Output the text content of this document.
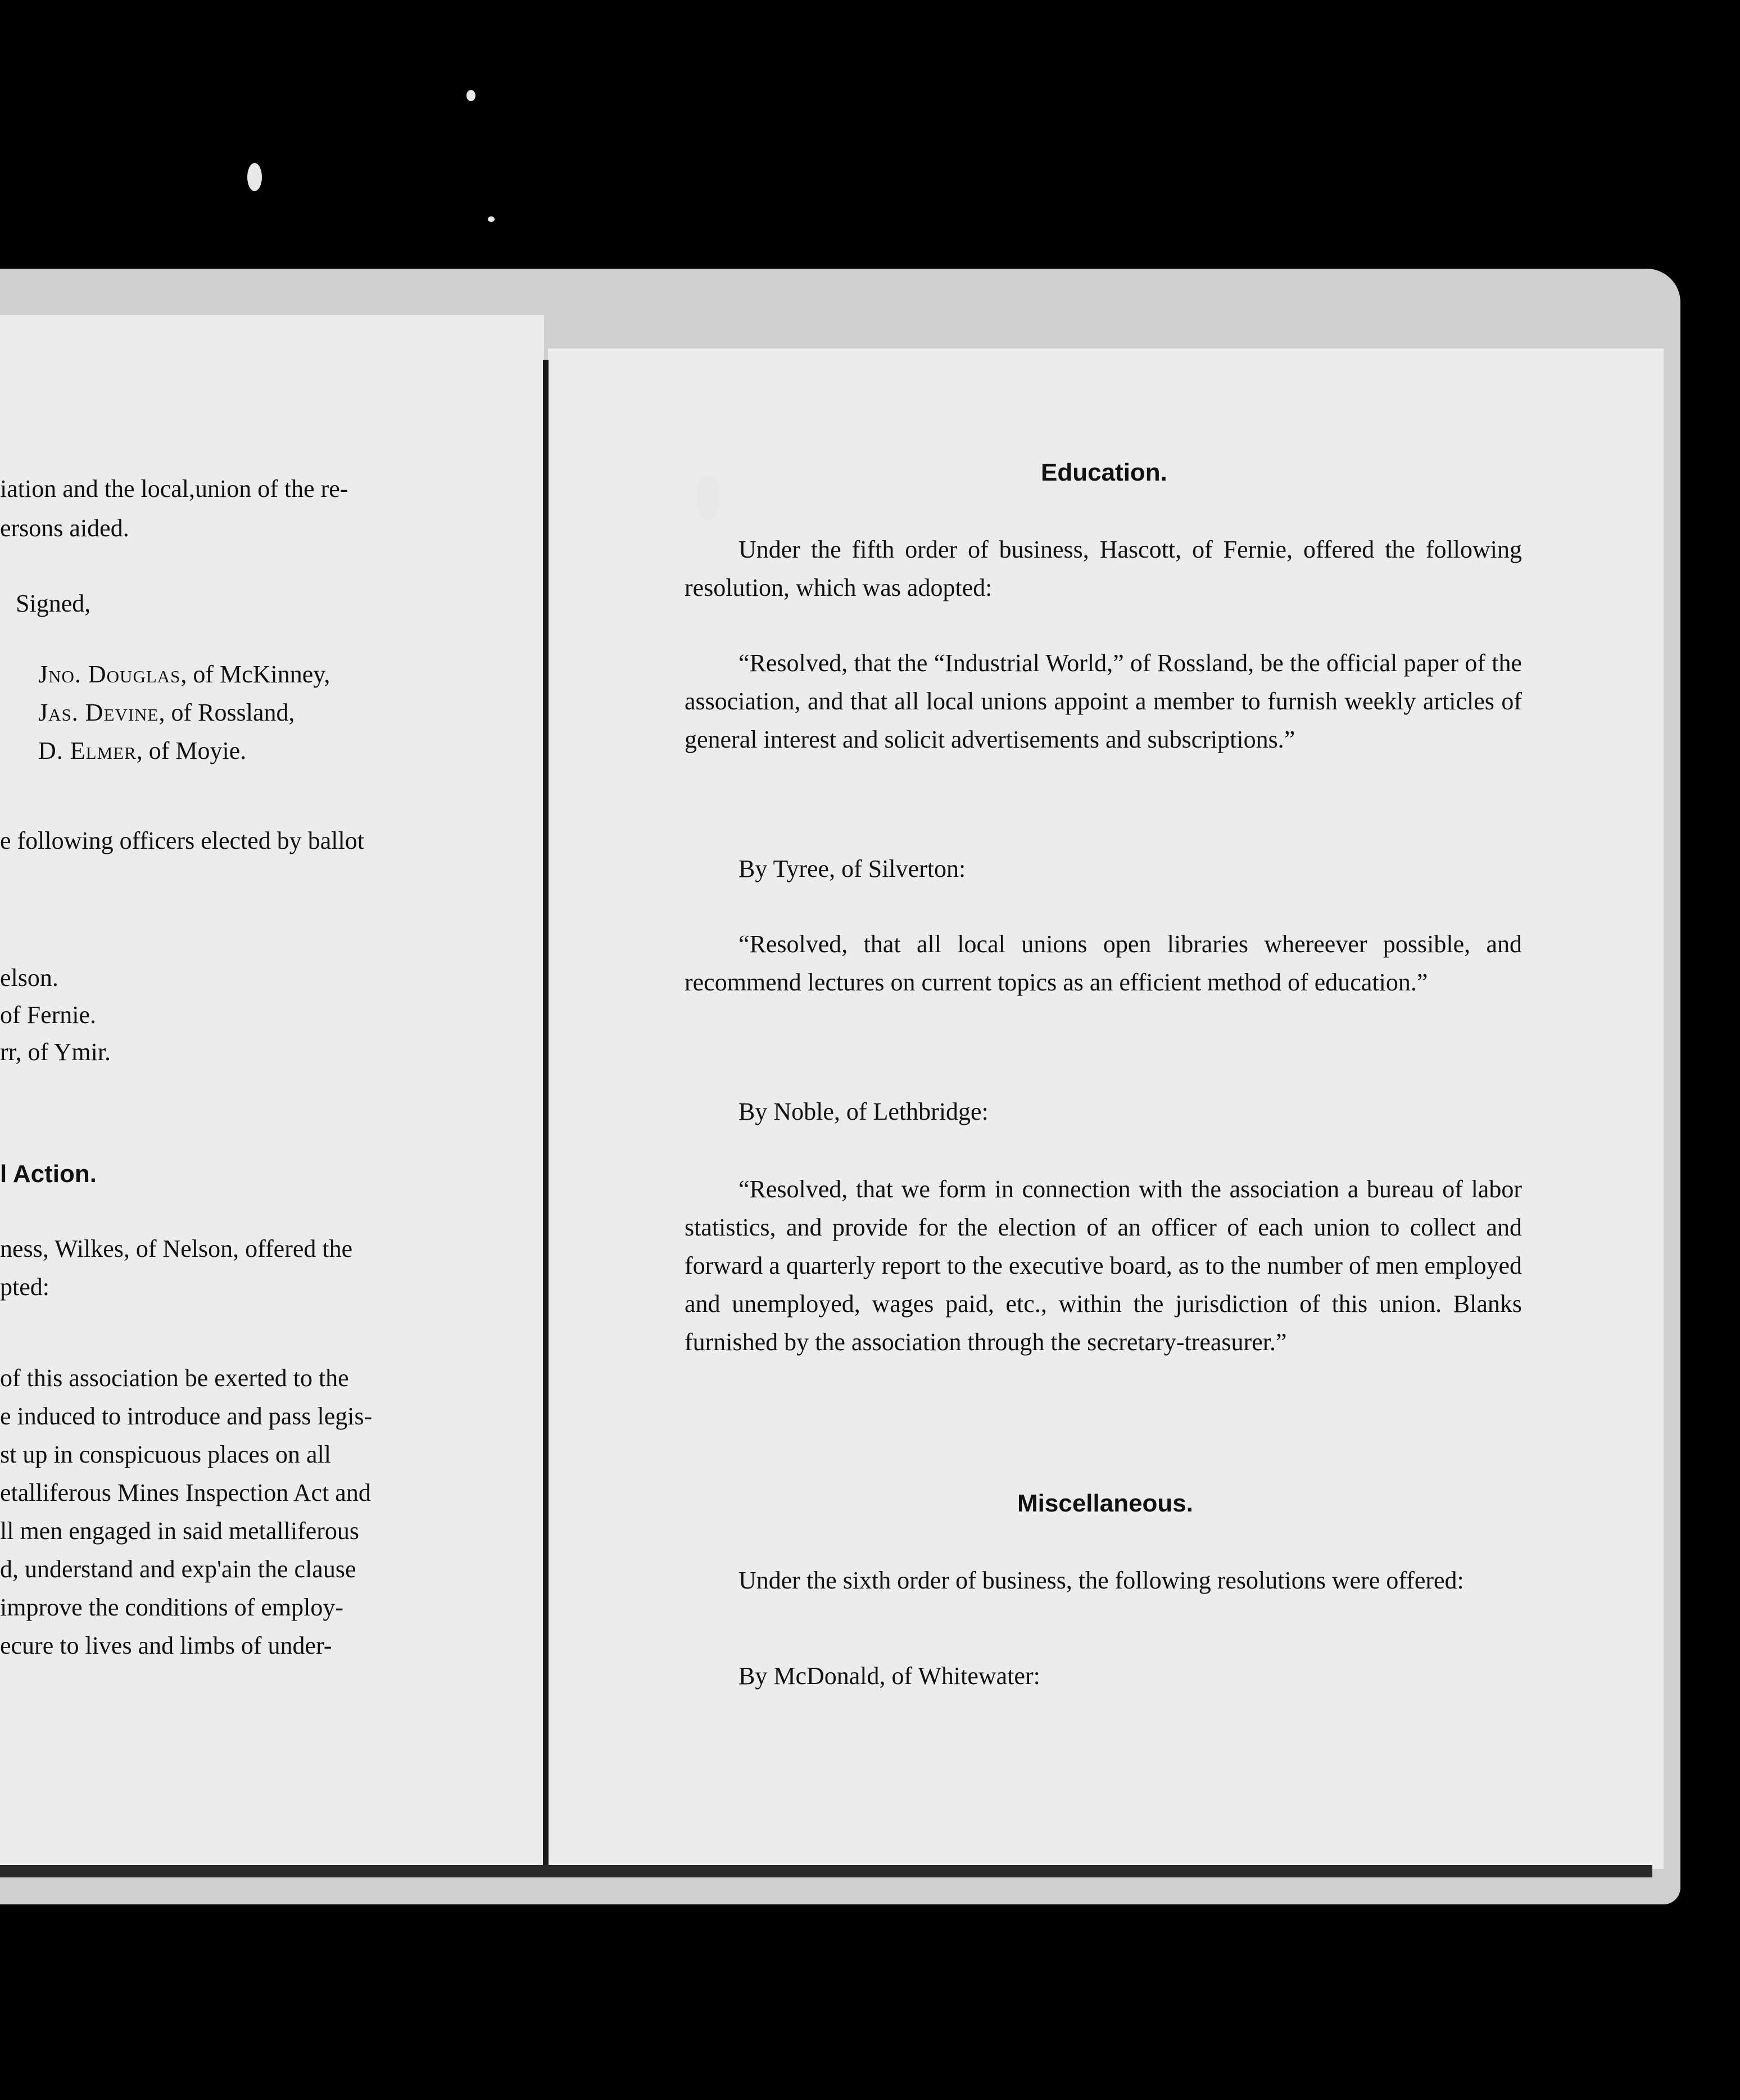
iation and the local,union of the re-
ersons aided.
Signed,
Jno. Douglas, of McKinney,
Jas. Devine, of Rossland,
D. Elmer, of Moyie.
e following officers elected by ballot
elson.
of Fernie.
rr, of Ymir.
l Action.
ness, Wilkes, of Nelson, offered the
pted:
of this association be exerted to the
e induced to introduce and pass legis-
st up in conspicuous places on all
etalliferous Mines Inspection Act and
ll men engaged in said metalliferous
d, understand and exp'ain the clause
improve the conditions of employ-
ecure to lives and limbs of under-
Education.

Under the fifth order of business, Hascott, of Fernie, offered the following resolution, which was adopted:

“Resolved, that the “Industrial World,” of Rossland, be the official paper of the association, and that all local unions appoint a member to furnish weekly articles of general interest and solicit advertisements and subscriptions.”

By Tyree, of Silverton:

“Resolved, that all local unions open libraries whereever possible, and recommend lectures on current topics as an efficient method of education.”

By Noble, of Lethbridge:

“Resolved, that we form in connection with the association a bureau of labor statistics, and provide for the election of an officer of each union to collect and forward a quarterly report to the executive board, as to the number of men employed and unemployed, wages paid, etc., within the jurisdiction of this union. Blanks furnished by the association through the secretary-treasurer.”

Miscellaneous.

Under the sixth order of business, the following resolutions were offered:

By McDonald, of Whitewater:
